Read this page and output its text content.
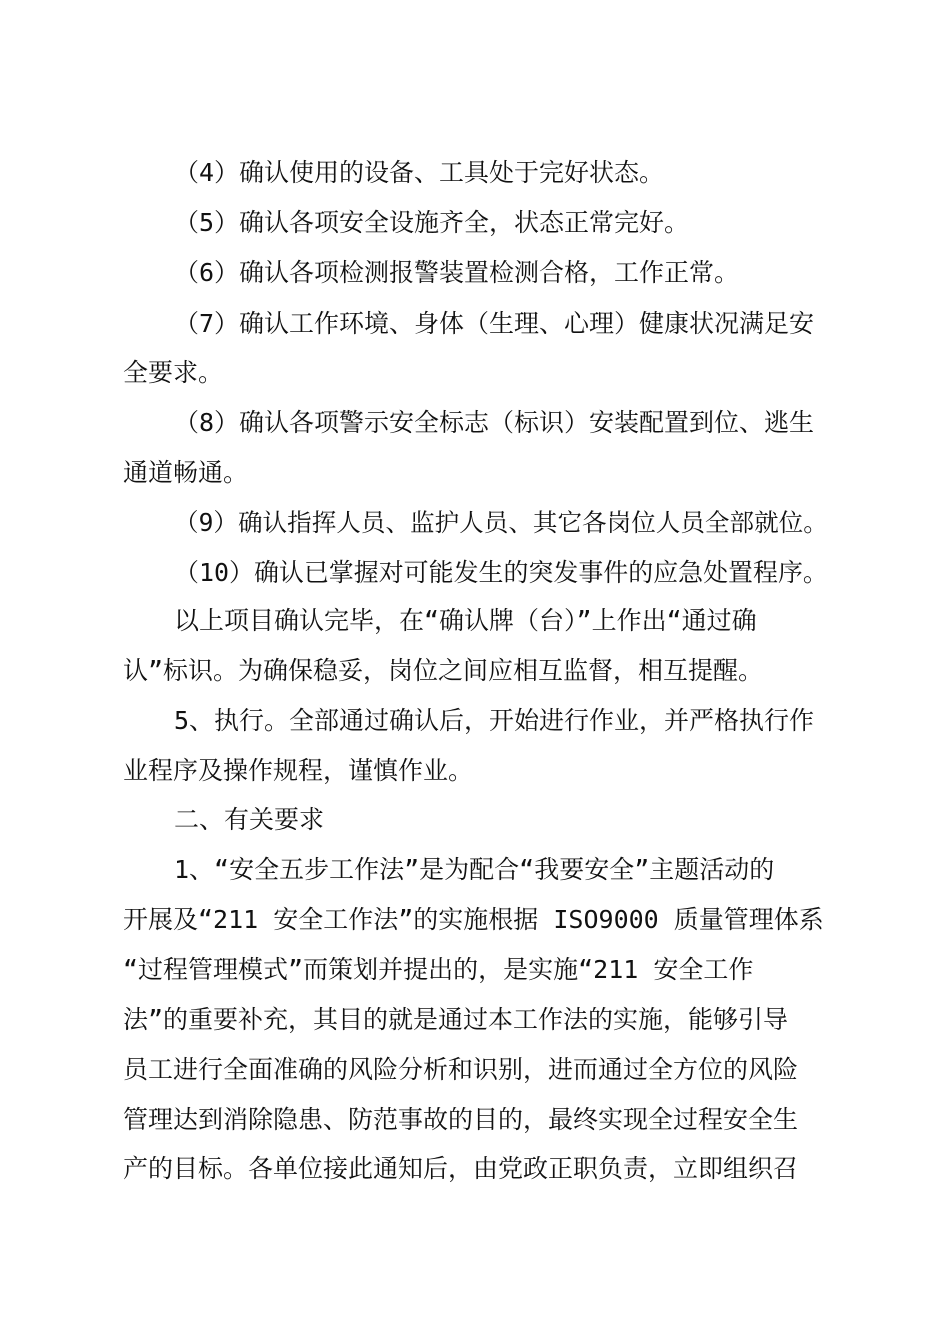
（4）确认使用的设备、工具处于完好状态。
（5）确认各项安全设施齐全，状态正常完好。
（6）确认各项检测报警装置检测合格，工作正常。
（7）确认工作环境、身体（生理、心理）健康状况满足安
全要求。
（8）确认各项警示安全标志（标识）安装配置到位、逃生
通道畅通。
（9）确认指挥人员、监护人员、其它各岗位人员全部就位。
（10）确认已掌握对可能发生的突发事件的应急处置程序。
以上项目确认完毕，在“确认牌（台）”上作出“通过确
认”标识。为确保稳妥，岗位之间应相互监督，相互提醒。
5、执行。全部通过确认后，开始进行作业，并严格执行作
业程序及操作规程，谨慎作业。
二、有关要求
1、“安全五步工作法”是为配合“我要安全”主题活动的
开展及“211 安全工作法”的实施根据 ISO9000 质量管理体系
“过程管理模式”而策划并提出的，是实施“211 安全工作
法”的重要补充，其目的就是通过本工作法的实施，能够引导
员工进行全面准确的风险分析和识别，进而通过全方位的风险
管理达到消除隐患、防范事故的目的，最终实现全过程安全生
产的目标。各单位接此通知后，由党政正职负责，立即组织召
